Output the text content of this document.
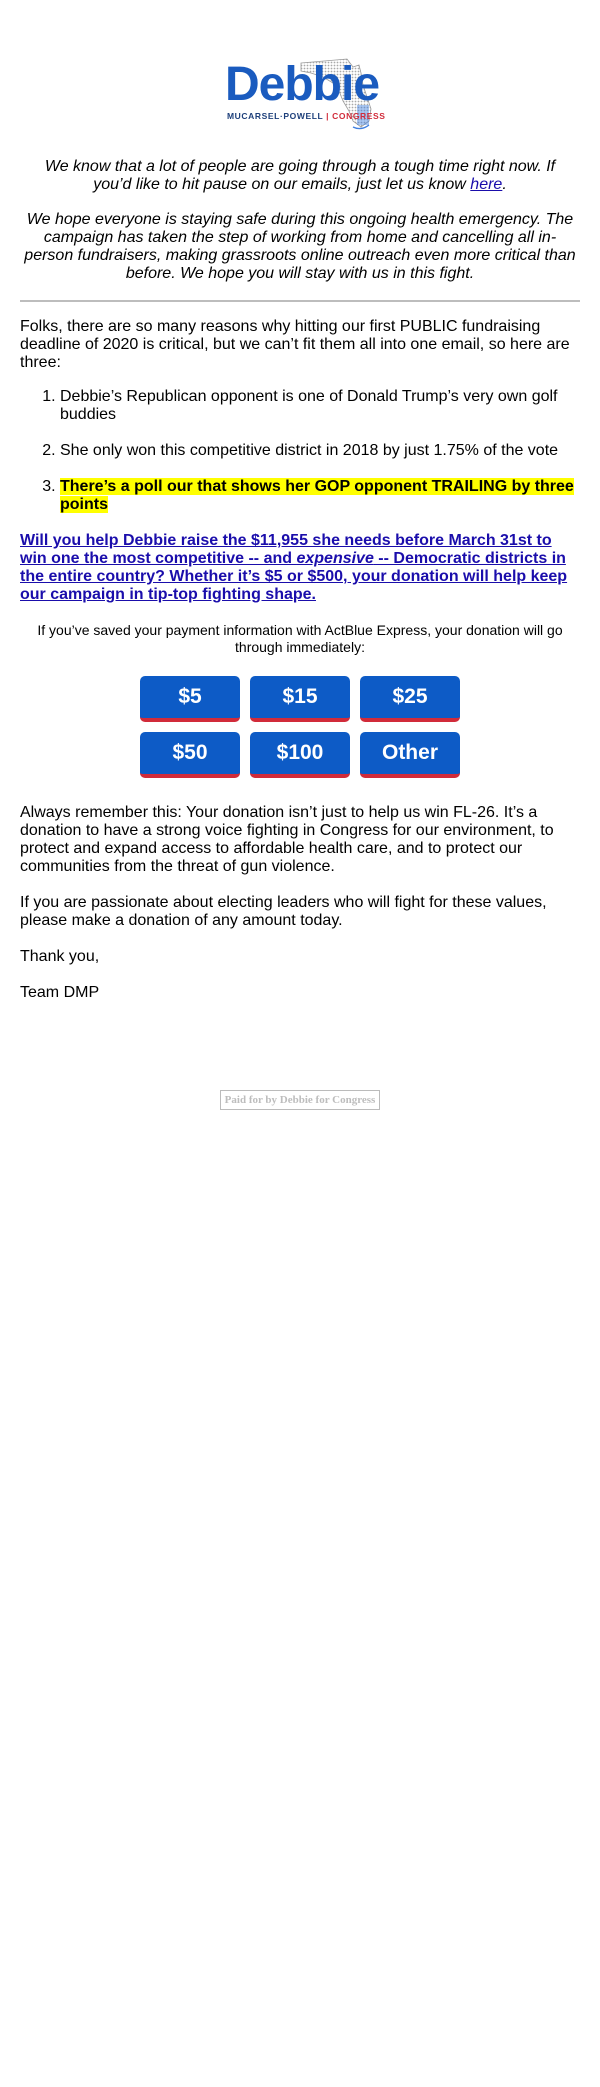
Debbie
MUCARSEL·POWELL | CONGRESS

We know that a lot of people are going through a tough time right now. If you’d like to hit pause on our emails, just let us know here.

We hope everyone is staying safe during this ongoing health emergency. The campaign has taken the step of working from home and cancelling all in-person fundraisers, making grassroots online outreach even more critical than before. We hope you will stay with us in this fight.

Folks, there are so many reasons why hitting our first PUBLIC fundraising deadline of 2020 is critical, but we can’t fit them all into one email, so here are three:

1. Debbie’s Republican opponent is one of Donald Trump’s very own golf buddies
2. She only won this competitive district in 2018 by just 1.75% of the vote
3. There’s a poll our that shows her GOP opponent TRAILING by three points
Will you help Debbie raise the $11,955 she needs before March 31st to win one the most competitive -- and expensive -- Democratic districts in the entire country? Whether it’s $5 or $500, your donation will help keep our campaign in tip-top fighting shape.

If you’ve saved your payment information with ActBlue Express, your donation will go through immediately:

$5	$15	$25
$50	$100	Other

Always remember this: Your donation isn’t just to help us win FL-26. It’s a donation to have a strong voice fighting in Congress for our environment, to protect and expand access to affordable health care, and to protect our communities from the threat of gun violence.

If you are passionate about electing leaders who will fight for these values, please make a donation of any amount today.

Thank you,

Team DMP

Paid for by Debbie for Congress
